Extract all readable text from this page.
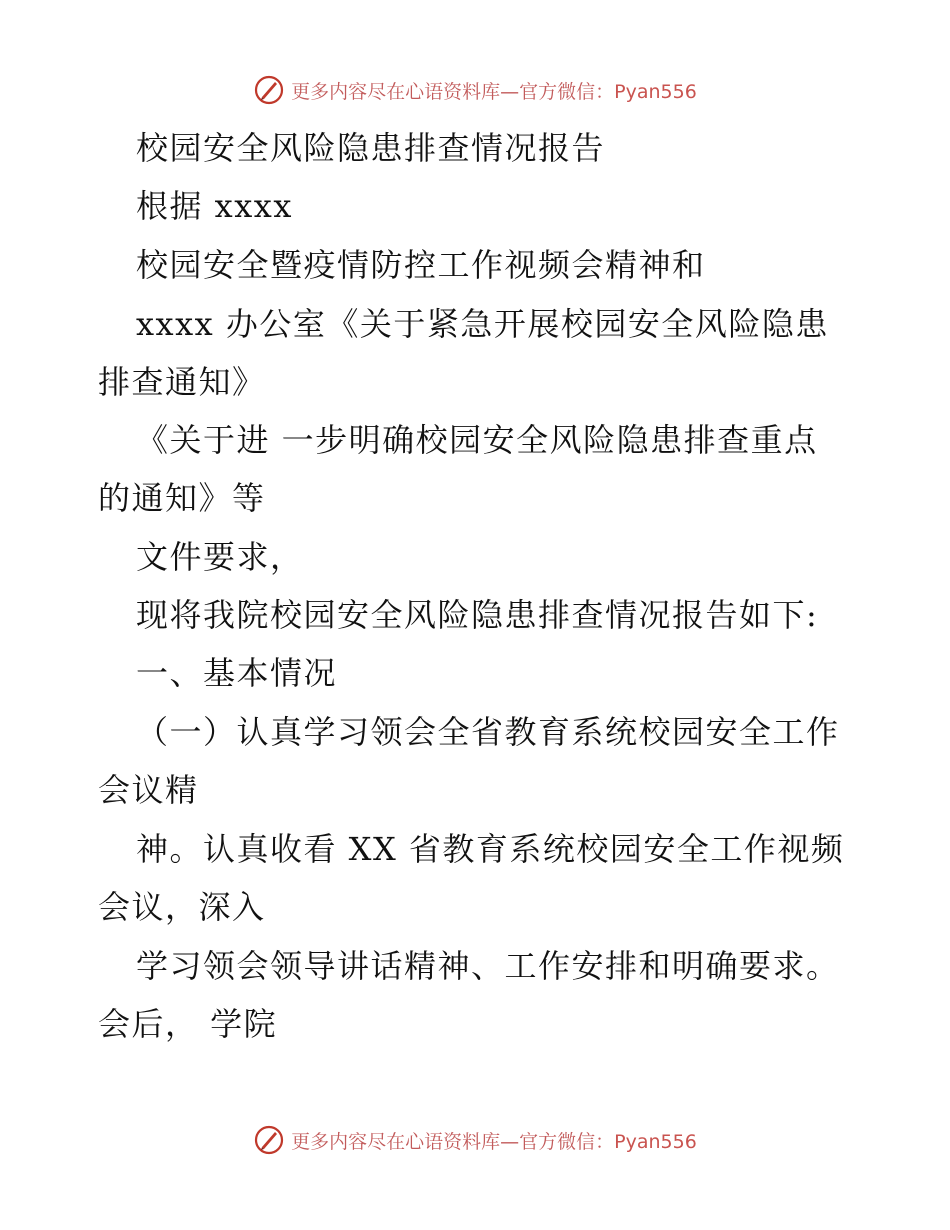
更多内容尽在心语资料库—官方微信：Pyan556
校园安全风险隐患排查情况报告
根据 xxxx
校园安全暨疫情防控工作视频会精神和
xxxx 办公室《关于紧急开展校园安全风险隐患
排查通知》
《关于进 一步明确校园安全风险隐患排查重点
的通知》等
文件要求，
现将我院校园安全风险隐患排查情况报告如下:
一、基本情况
（一）认真学习领会全省教育系统校园安全工作
会议精
神。认真收看 XX 省教育系统校园安全工作视频
会议，深入
学习领会领导讲话精神、工作安排和明确要求。
会后， 学院
更多内容尽在心语资料库—官方微信：Pyan556
